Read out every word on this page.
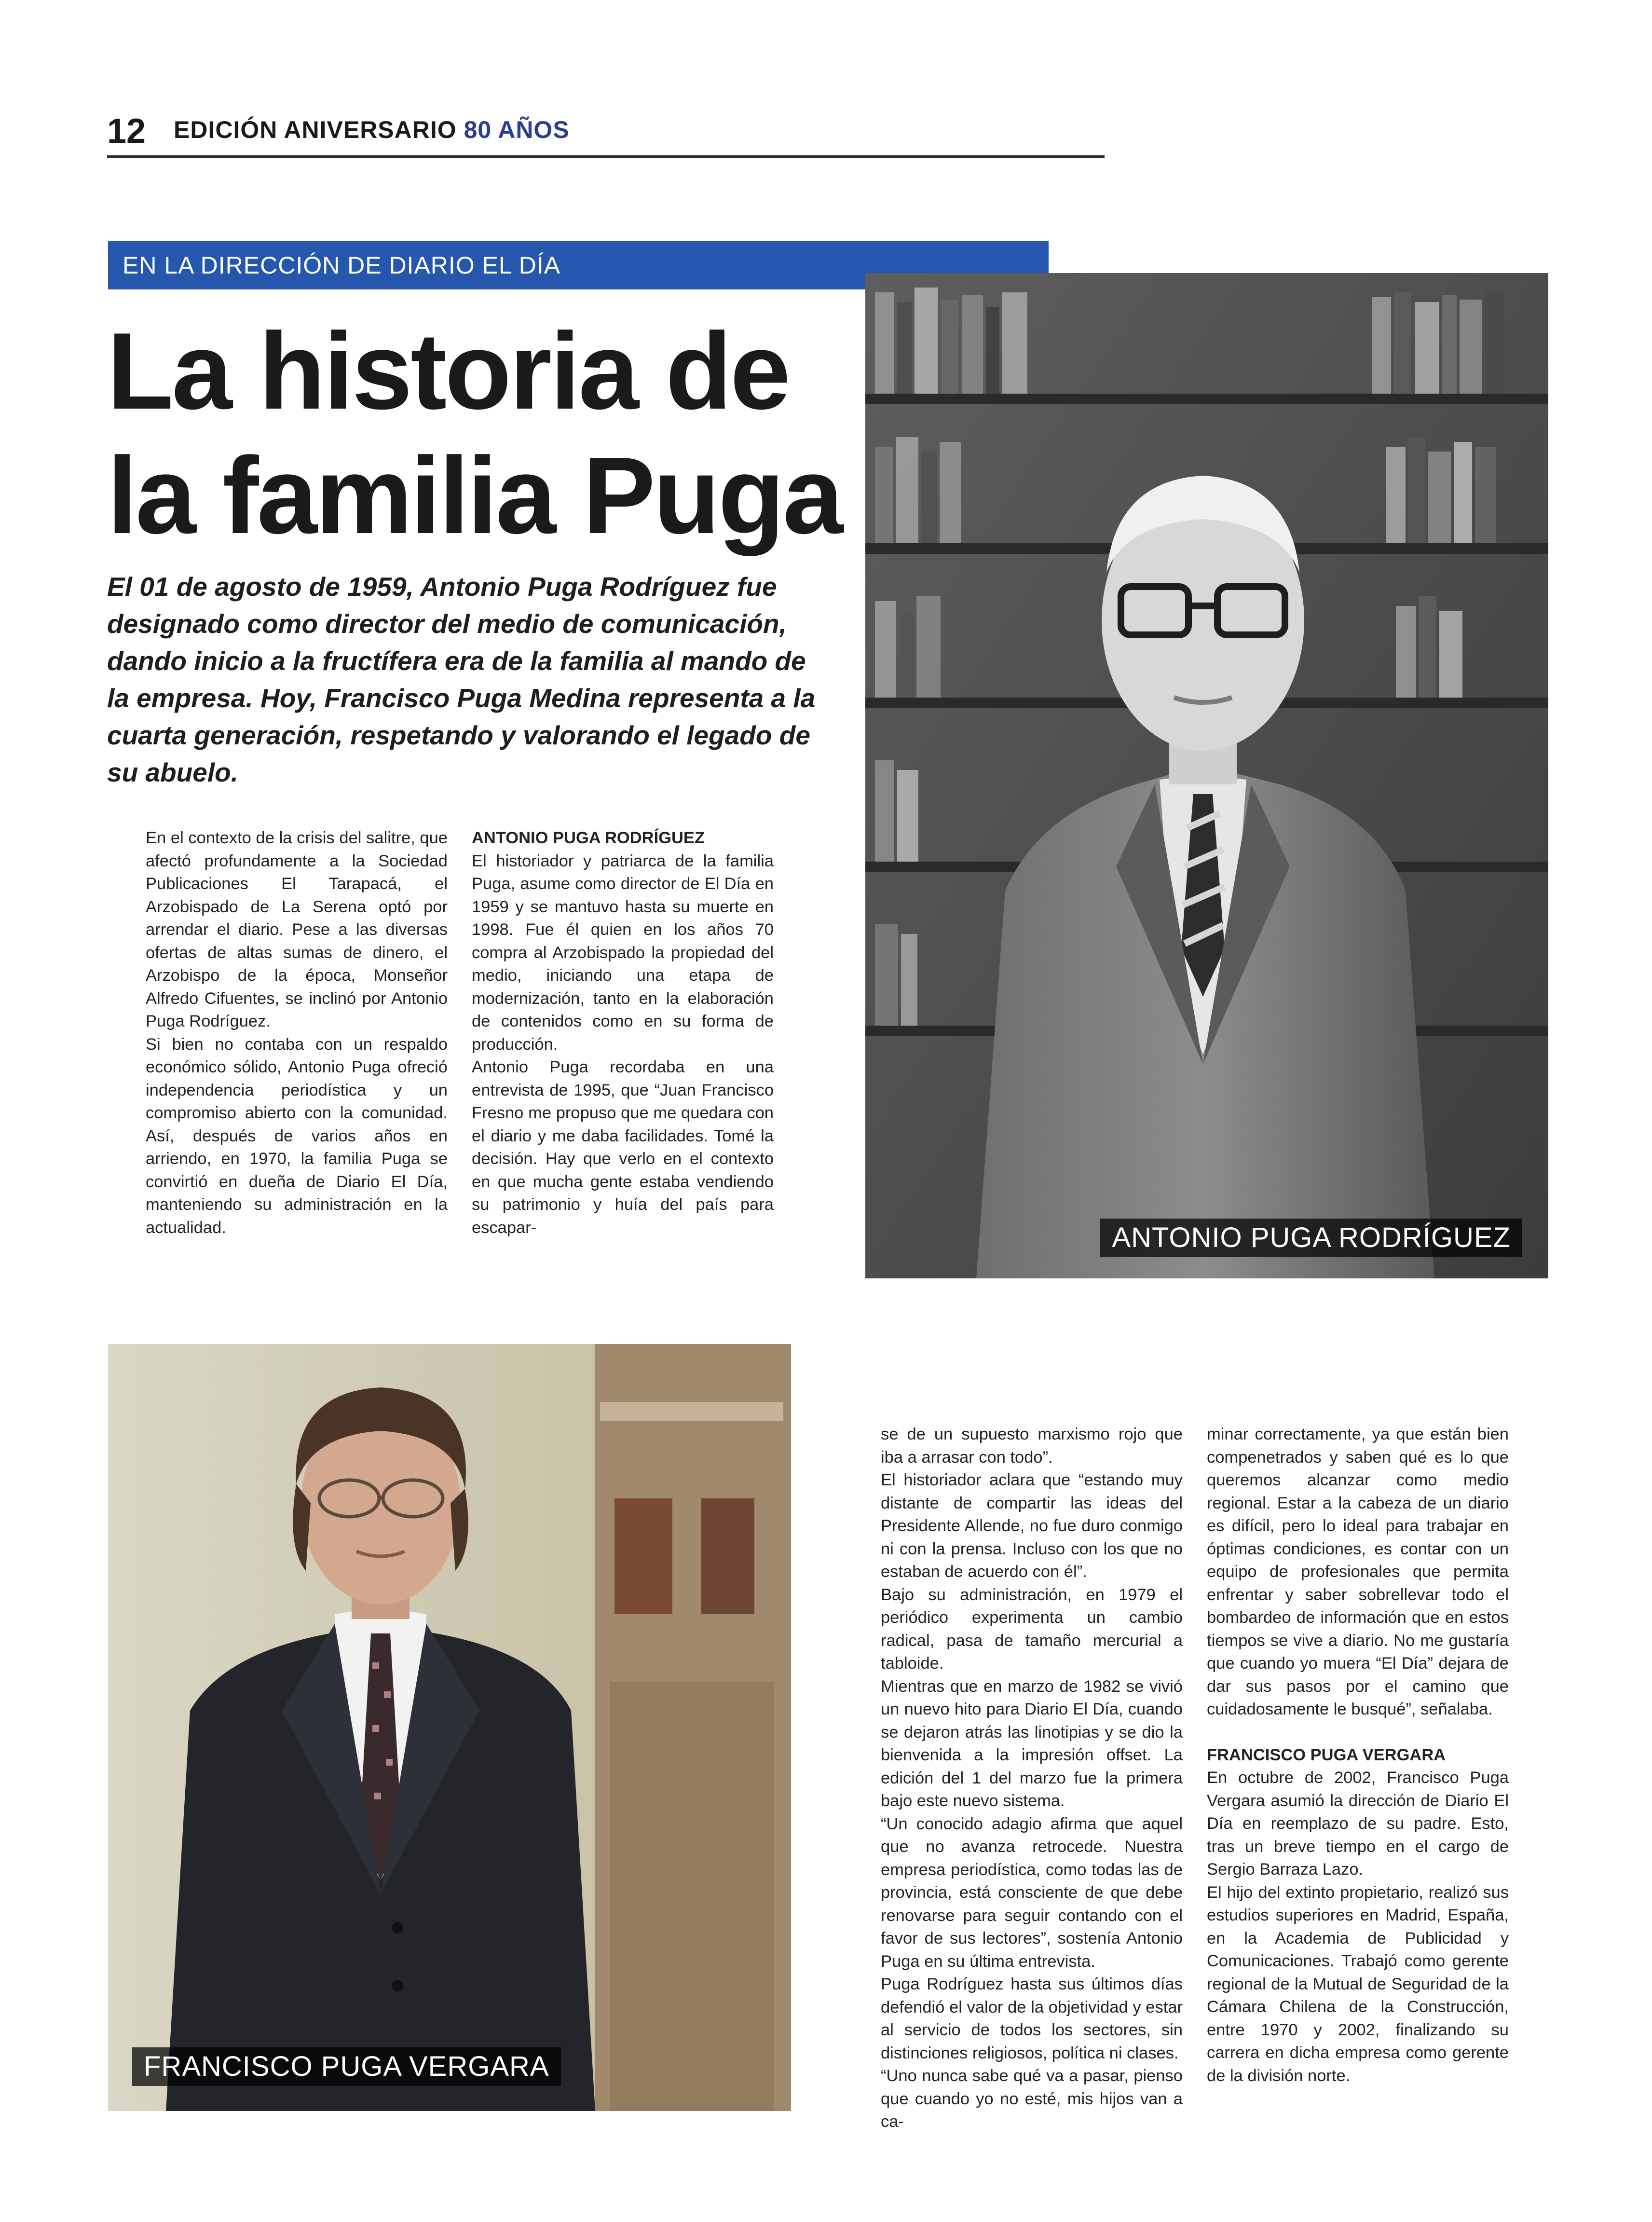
12 EDICIÓN ANIVERSARIO 80 AÑOS
EN LA DIRECCIÓN DE DIARIO EL DÍA
La historia de la familia Puga

El 01 de agosto de 1959, Antonio Puga Rodríguez fue designado como director del medio de comunicación, dando inicio a la fructífera era de la familia al mando de la empresa. Hoy, Francisco Puga Medina representa a la cuarta generación, respetando y valorando el legado de su abuelo.

En el contexto de la crisis del salitre, que afectó profundamente a la Sociedad Publicaciones El Tarapacá, el Arzobispado de La Serena optó por arrendar el diario. Pese a las diversas ofertas de altas sumas de dinero, el Arzobispo de la época, Monseñor Alfredo Cifuentes, se inclinó por Antonio Puga Rodríguez.

Si bien no contaba con un respaldo económico sólido, Antonio Puga ofreció independencia periodística y un compromiso abierto con la comunidad. Así, después de varios años en arriendo, en 1970, la familia Puga se convirtió en dueña de Diario El Día, manteniendo su administración en la actualidad.

ANTONIO PUGA RODRÍGUEZ

El historiador y patriarca de la familia Puga, asume como director de El Día en 1959 y se mantuvo hasta su muerte en 1998. Fue él quien en los años 70 compra al Arzobispado la propiedad del medio, iniciando una etapa de modernización, tanto en la elaboración de contenidos como en su forma de producción.

Antonio Puga recordaba en una entrevista de 1995, que “Juan Francisco Fresno me propuso que me quedara con el diario y me daba facilidades. Tomé la decisión. Hay que verlo en el contexto en que mucha gente estaba vendiendo su patrimonio y huía del país para escapar-	ANTONIO PUGA RODRÍGUEZ
FRANCISCO PUGA VERGARA

se de un supuesto marxismo rojo que iba a arrasar con todo”.

El historiador aclara que “estando muy distante de compartir las ideas del Presidente Allende, no fue duro conmigo ni con la prensa. Incluso con los que no estaban de acuerdo con él”.

Bajo su administración, en 1979 el periódico experimenta un cambio radical, pasa de tamaño mercurial a tabloide.

Mientras que en marzo de 1982 se vivió un nuevo hito para Diario El Día, cuando se dejaron atrás las linotipias y se dio la bienvenida a la impresión offset. La edición del 1 del marzo fue la primera bajo este nuevo sistema.

“Un conocido adagio afirma que aquel que no avanza retrocede. Nuestra empresa periodística, como todas las de provincia, está consciente de que debe renovarse para seguir contando con el favor de sus lectores”, sostenía Antonio Puga en su última entrevista.

Puga Rodríguez hasta sus últimos días defendió el valor de la objetividad y estar al servicio de todos los sectores, sin distinciones religiosos, política ni clases.

“Uno nunca sabe qué va a pasar, pienso que cuando yo no esté, mis hijos van a ca-

minar correctamente, ya que están bien compenetrados y saben qué es lo que queremos alcanzar como medio regional. Estar a la cabeza de un diario es difícil, pero lo ideal para trabajar en óptimas condiciones, es contar con un equipo de profesionales que permita enfrentar y saber sobrellevar todo el bombardeo de información que en estos tiempos se vive a diario. No me gustaría que cuando yo muera “El Día” dejara de dar sus pasos por el camino que cuidadosamente le busqué”, señalaba.

FRANCISCO PUGA VERGARA

En octubre de 2002, Francisco Puga Vergara asumió la dirección de Diario El Día en reemplazo de su padre. Esto, tras un breve tiempo en el cargo de Sergio Barraza Lazo.

El hijo del extinto propietario, realizó sus estudios superiores en Madrid, España, en la Academia de Publicidad y Comunicaciones. Trabajó como gerente regional de la Mutual de Seguridad de la Cámara Chilena de la Construcción, entre 1970 y 2002, finalizando su carrera en dicha empresa como gerente de la división norte.
